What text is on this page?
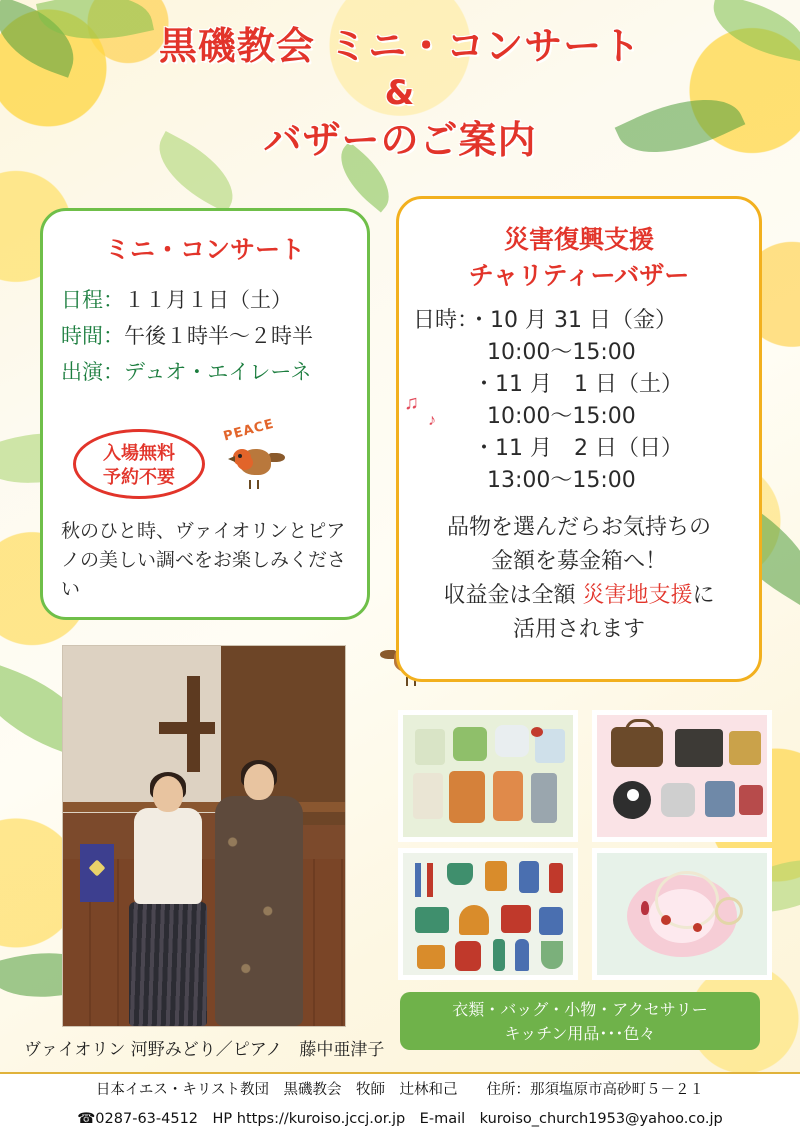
黒磯教会 ミニ・コンサート
&
バザーのご案内
ミニ・コンサート
日程：１１月１日（土）
時間：午後１時半～２時半
出演：デュオ・エイレーネ
入場無料
予約不要
PEACE
秋のひと時、ヴァイオリンとピアノの美しい調べをお楽しみください
災害復興支援
チャリティーバザー
日時：・10 月 31 日（金）
10:00～15:00
・11 月　1 日（土）
10:00～15:00
・11 月　2 日（日）
13:00～15:00
品物を選んだらお気持ちの
金額を募金箱へ！
収益金は全額 災害地支援に
活用されます
♫
♪
ヴァイオリン 河野みどり／ピアノ　藤中亜津子
衣類・バッグ・小物・アクセサリー
キッチン用品･･･色々
日本イエス・キリスト教団　黒磯教会　牧師　辻林和己　　住所：那須塩原市高砂町５－２１
☎0287-63-4512　HP https://kuroiso.jccj.or.jp　E-mail　kuroiso_church1953@yahoo.co.jp
